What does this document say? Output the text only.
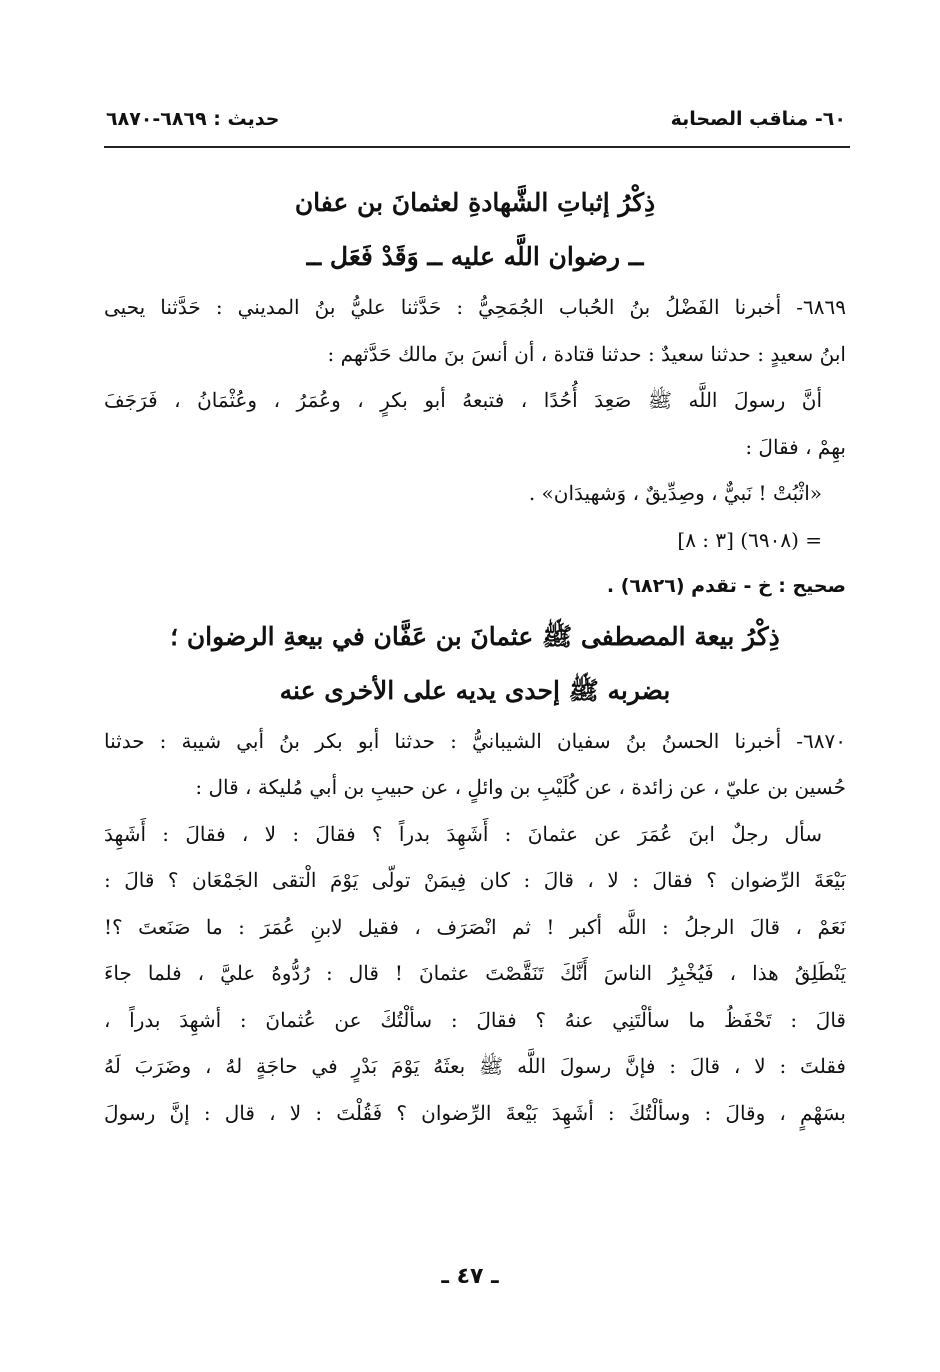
٦٠- مناقب الصحابة
حديث : ٦٨٦٩-٦٨٧٠
ذِكْرُ إثباتِ الشَّهادةِ لعثمانَ بن عفان
ــ رضوان اللَّه عليه ــ وَقَدْ فَعَل ــ
٦٨٦٩- أخبرنا الفَضْلُ بنُ الحُباب الجُمَحِيُّ : حَدَّثنا عليُّ بنُ المديني : حَدَّثنا يحيى
ابنُ سعيدٍ : حدثنا سعيدٌ : حدثنا قتادة ، أن أنسَ بنَ مالك حَدَّثهم :
أنَّ رسولَ اللَّه ﷺ صَعِدَ أُحُدًا ، فتبعهُ أبو بكرٍ ، وعُمَرُ ، وعُثْمَانُ ، فَرَجَفَ
بهِمْ ، فقالَ :
«اثْبُتْ ! نَبيٌّ ، وصِدِّيقٌ ، وَشهيدَان» .
= (٦٩٠٨) [٣ : ٨]
صحيح : خ - تقدم (٦٨٢٦) .
ذِكْرُ بيعة المصطفى ﷺ عثمانَ بن عَفَّان في بيعةِ الرضوان ؛
بضربه ﷺ إحدى يديه على الأخرى عنه
٦٨٧٠- أخبرنا الحسنُ بنُ سفيان الشيبانيُّ : حدثنا أبو بكر بنُ أبي شيبة : حدثنا
حُسين بن عليّ ، عن زائدة ، عن كُلَيْبِ بن وائلٍ ، عن حبيبِ بن أبي مُليكة ، قال :
سأل رجلٌ ابنَ عُمَرَ عن عثمانَ : أَشَهِدَ بدراً ؟ فقالَ : لا ، فقالَ : أَشَهِدَ
بَيْعَةَ الرِّضوان ؟ فقالَ : لا ، قالَ : كان فِيمَنْ تولّى يَوْمَ الْتقى الجَمْعَان ؟ قالَ :
نَعَمْ ، قالَ الرجلُ : اللَّه أكبر ! ثم انْصَرَف ، فقيل لابنِ عُمَرَ : ما صَنَعتَ ؟!
يَنْطَلِقُ هذا ، فَيُخْبِرُ الناسَ أَنَّكَ تَنَقَّصْتَ عثمانَ ! قال : رُدُّوهُ عليَّ ، فلما جاءَ
قالَ : تَحْفَظُ ما سألْتَنِي عنهُ ؟ فقالَ : سألْتُكَ عن عُثمانَ : أشهِدَ بدراً ،
فقلتَ : لا ، قالَ : فإنَّ رسولَ اللَّه ﷺ بعثَهُ يَوْمَ بَدْرٍ في حاجَةٍ لهُ ، وضَرَبَ لَهُ
بسَهْمٍ ، وقالَ : وسألْتُكَ : أشَهِدَ بَيْعةَ الرِّضوان ؟ فَقُلْتَ : لا ، قال : إنَّ رسولَ
ـ ٤٧ ـ
